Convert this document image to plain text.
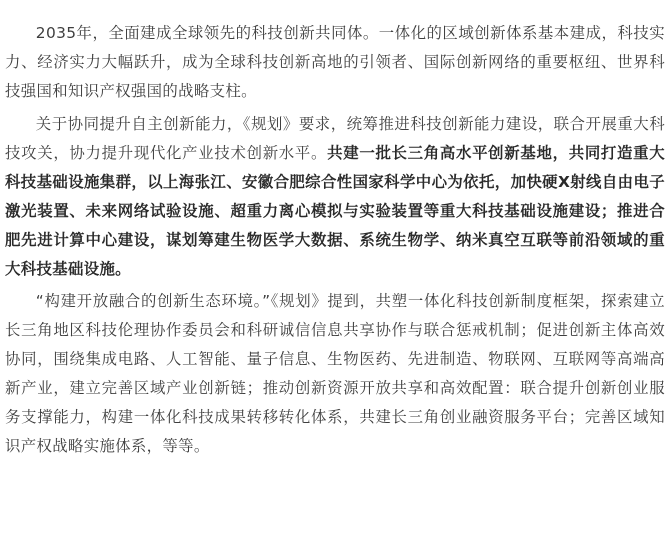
2035年，全面建成全球领先的科技创新共同体。一体化的区域创新体系基本建成，科技实力、经济实力大幅跃升，成为全球科技创新高地的引领者、国际创新网络的重要枢纽、世界科技强国和知识产权强国的战略支柱。

关于协同提升自主创新能力，《规划》要求，统筹推进科技创新能力建设，联合开展重大科技攻关，协力提升现代化产业技术创新水平。共建一批长三角高水平创新基地，共同打造重大科技基础设施集群，以上海张江、安徽合肥综合性国家科学中心为依托，加快硬X射线自由电子激光装置、未来网络试验设施、超重力离心模拟与实验装置等重大科技基础设施建设；推进合肥先进计算中心建设，谋划筹建生物医学大数据、系统生物学、纳米真空互联等前沿领域的重大科技基础设施。

“构建开放融合的创新生态环境。”《规划》提到，共塑一体化科技创新制度框架，探索建立长三角地区科技伦理协作委员会和科研诚信信息共享协作与联合惩戒机制；促进创新主体高效协同，围绕集成电路、人工智能、量子信息、生物医药、先进制造、物联网、互联网等高端高新产业，建立完善区域产业创新链；推动创新资源开放共享和高效配置：联合提升创新创业服务支撑能力，构建一体化科技成果转移转化体系，共建长三角创业融资服务平台；完善区域知识产权战略实施体系，等等。
